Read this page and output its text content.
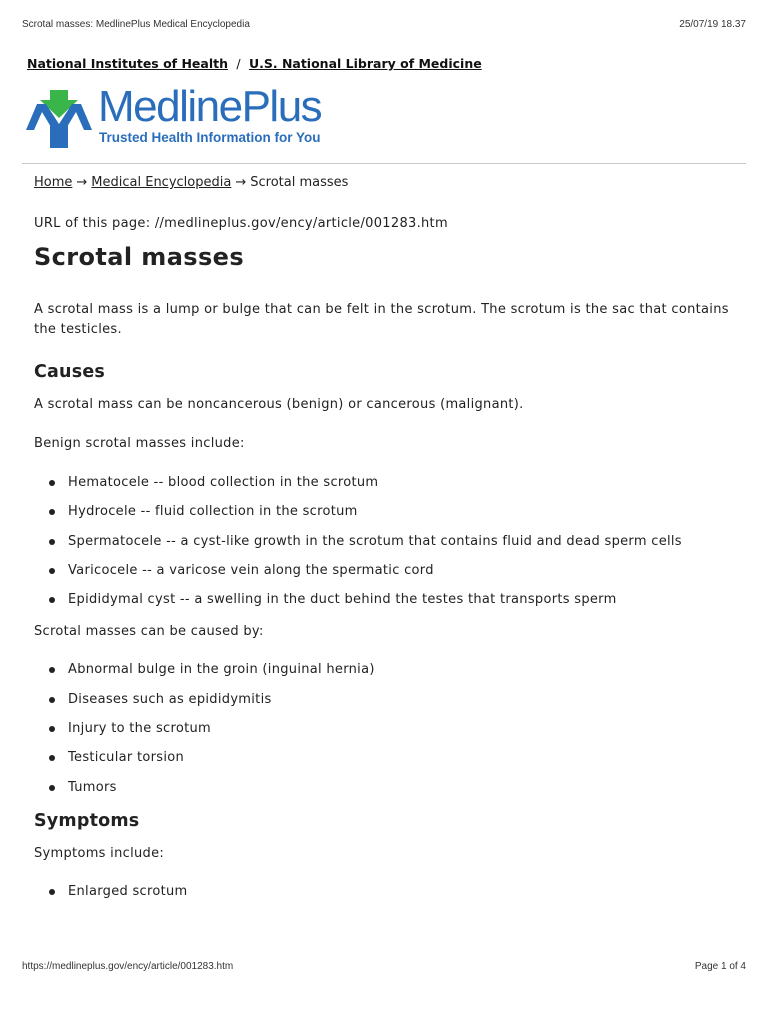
Scrotal masses: MedlinePlus Medical Encyclopedia	25/07/19 18.37
National Institutes of Health / U.S. National Library of Medicine
MedlinePlus
Trusted Health Information for You
Home → Medical Encyclopedia → Scrotal masses
URL of this page: //medlineplus.gov/ency/article/001283.htm
Scrotal masses

A scrotal mass is a lump or bulge that can be felt in the scrotum. The scrotum is the sac that contains the testicles.

Causes

A scrotal mass can be noncancerous (benign) or cancerous (malignant).

Benign scrotal masses include:

Hematocele -- blood collection in the scrotum
Hydrocele -- fluid collection in the scrotum
Spermatocele -- a cyst-like growth in the scrotum that contains fluid and dead sperm cells
Varicocele -- a varicose vein along the spermatic cord
Epididymal cyst -- a swelling in the duct behind the testes that transports sperm

Scrotal masses can be caused by:

Abnormal bulge in the groin (inguinal hernia)
Diseases such as epididymitis
Injury to the scrotum
Testicular torsion
Tumors
Symptoms

Symptoms include:

Enlarged scrotum
https://medlineplus.gov/ency/article/001283.htm	Page 1 of 4
